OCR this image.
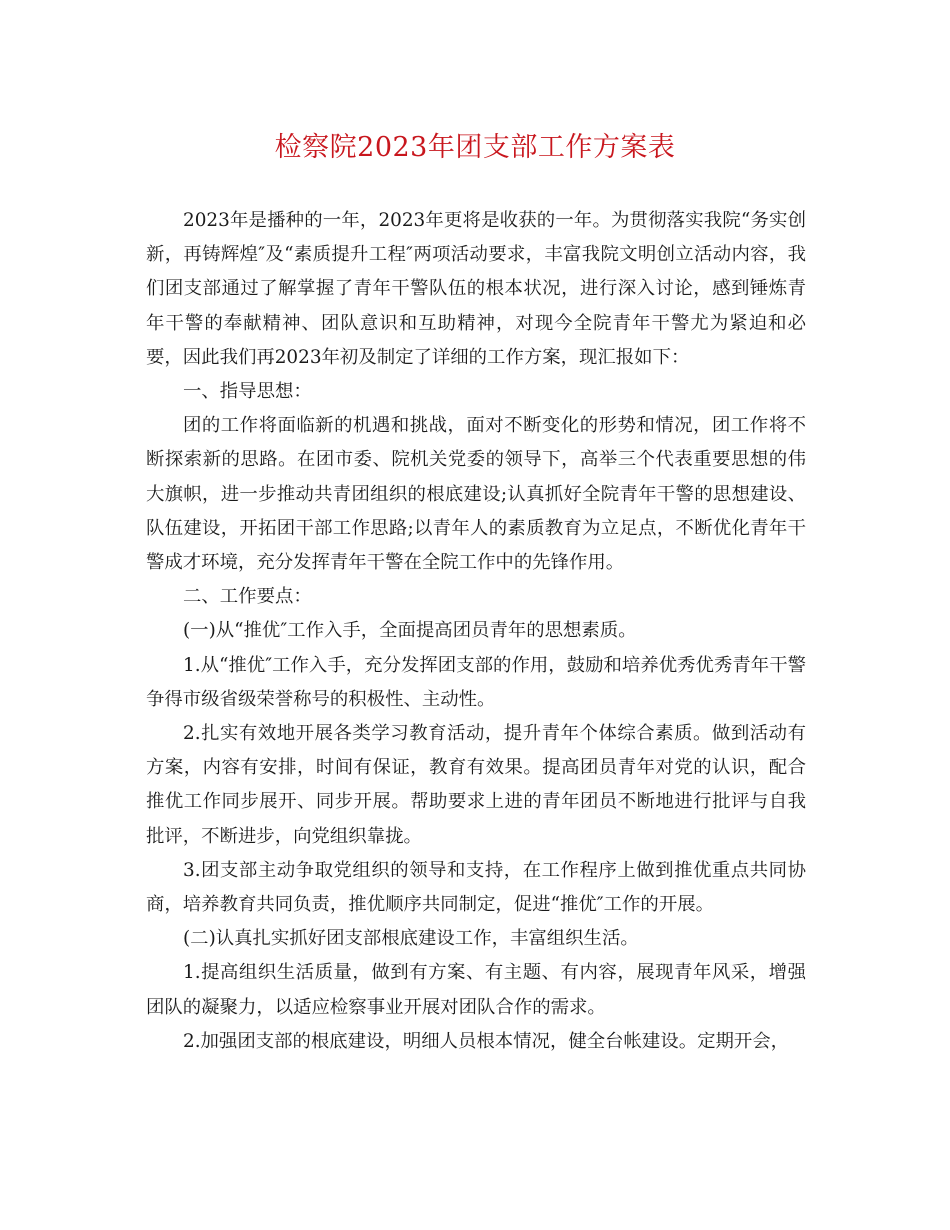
检察院2023年团支部工作方案表

2023年是播种的一年，2023年更将是收获的一年。为贯彻落实我院“务实创新，再铸辉煌″及“素质提升工程″两项活动要求，丰富我院文明创立活动内容，我们团支部通过了解掌握了青年干警队伍的根本状况，进行深入讨论，感到锤炼青年干警的奉献精神、团队意识和互助精神，对现今全院青年干警尤为紧迫和必要，因此我们再2023年初及制定了详细的工作方案，现汇报如下：

一、指导思想：

团的工作将面临新的机遇和挑战，面对不断变化的形势和情况，团工作将不断探索新的思路。在团市委、院机关党委的领导下，高举三个代表重要思想的伟大旗帜，进一步推动共青团组织的根底建设;认真抓好全院青年干警的思想建设、队伍建设，开拓团干部工作思路;以青年人的素质教育为立足点，不断优化青年干警成才环境，充分发挥青年干警在全院工作中的先锋作用。

二、工作要点：

(一)从“推优″工作入手，全面提高团员青年的思想素质。

1.从“推优″工作入手，充分发挥团支部的作用，鼓励和培养优秀优秀青年干警争得市级省级荣誉称号的积极性、主动性。

2.扎实有效地开展各类学习教育活动，提升青年个体综合素质。做到活动有方案，内容有安排，时间有保证，教育有效果。提高团员青年对党的认识，配合推优工作同步展开、同步开展。帮助要求上进的青年团员不断地进行批评与自我批评，不断进步，向党组织靠拢。

3.团支部主动争取党组织的领导和支持，在工作程序上做到推优重点共同协商，培养教育共同负责，推优顺序共同制定，促进“推优″工作的开展。

(二)认真扎实抓好团支部根底建设工作，丰富组织生活。

1.提高组织生活质量，做到有方案、有主题、有内容，展现青年风采，增强团队的凝聚力，以适应检察事业开展对团队合作的需求。

2.加强团支部的根底建设，明细人员根本情况，健全台帐建设。定期开会，
